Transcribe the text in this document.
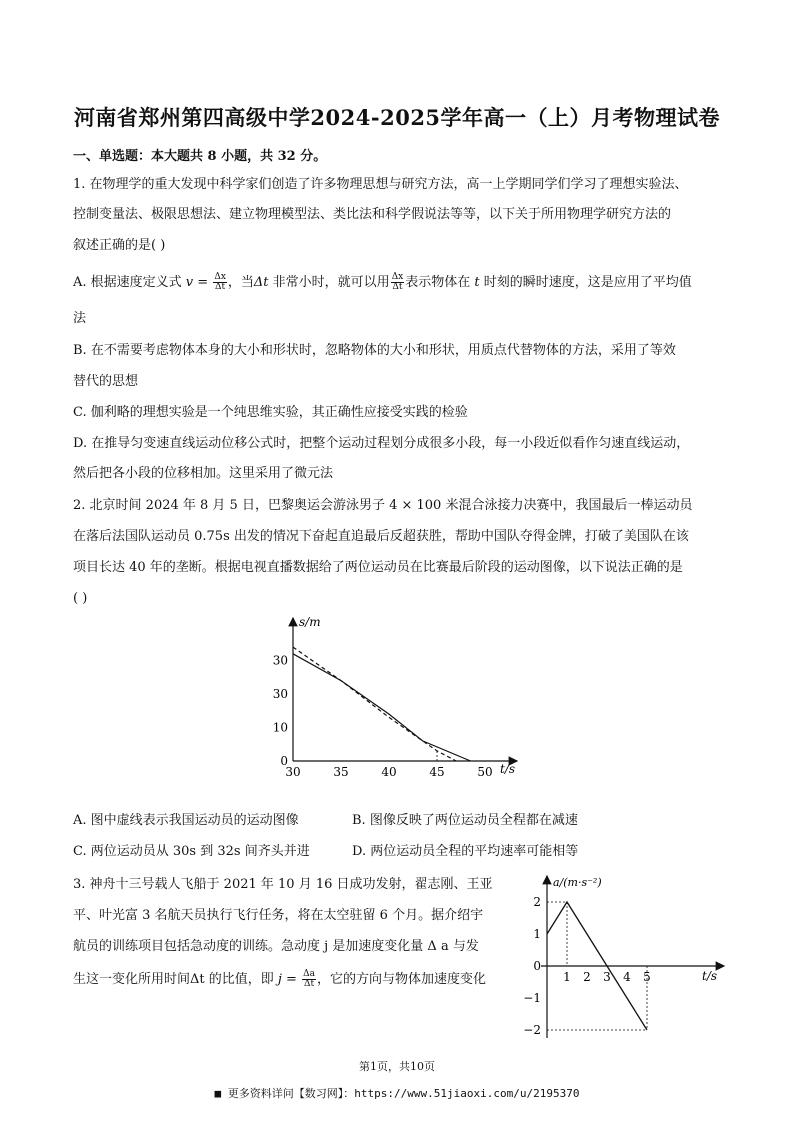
河南省郑州第四高级中学2024-2025学年高一（上）月考物理试卷
一、单选题：本大题共 8 小题，共 32 分。
1. 在物理学的重大发现中科学家们创造了许多物理思想与研究方法，高一上学期同学们学习了理想实验法、
控制变量法、极限思想法、建立物理模型法、类比法和科学假说法等等，以下关于所用物理学研究方法的
叙述正确的是( )
A. 根据速度定义式 $v = \frac{\Delta x}{\Delta t}$ ，当Δt 非常小时，就可以用 $\frac{\Delta x}{\Delta t}$ 表示物体在 t 时刻的瞬时速度，这是应用了平均值
法
B. 在不需要考虑物体本身的大小和形状时，忽略物体的大小和形状，用质点代替物体的方法，采用了等效
替代的思想
C. 伽利略的理想实验是一个纯思维实验，其正确性应接受实践的检验
D. 在推导匀变速直线运动位移公式时，把整个运动过程划分成很多小段，每一小段近似看作匀速直线运动，
然后把各小段的位移相加。这里采用了微元法
2. 北京时间 2024 年 8 月 5 日，巴黎奥运会游泳男子 4 × 100 米混合泳接力决赛中，我国最后一棒运动员
在落后法国队运动员 0.75s 出发的情况下奋起直追最后反超获胜，帮助中国队夺得金牌，打破了美国队在该
项目长达 40 年的垄断。根据电视直播数据给了两位运动员在比赛最后阶段的运动图像，以下说法正确的是
( )
0
10
30
30
30	35	40	45	50
s/m
t/s
A. 图中虚线表示我国运动员的运动图像	B. 图像反映了两位运动员全程都在减速
C. 两位运动员从 30s 到 32s 间齐头并进	D. 两位运动员全程的平均速率可能相等
3. 神舟十三号载人飞船于 2021 年 10 月 16 日成功发射，翟志刚、王亚
平、叶光富 3 名航天员执行飞行任务，将在太空驻留 6 个月。据介绍宇
航员的训练项目包括急动度的训练。急动度 j 是加速度变化量 Δ a 与发
生这一变化所用时间Δt 的比值，即 $j = \frac{\Delta a}{\Delta t}$ ，它的方向与物体加速度变化
2
1
0
−1
−2
1 2 3 4 5
a/(m·s⁻²)
t/s
第1页，共10页
■ 更多资料详问【数习网】：https://www.51jiaoxi.com/u/2195370
